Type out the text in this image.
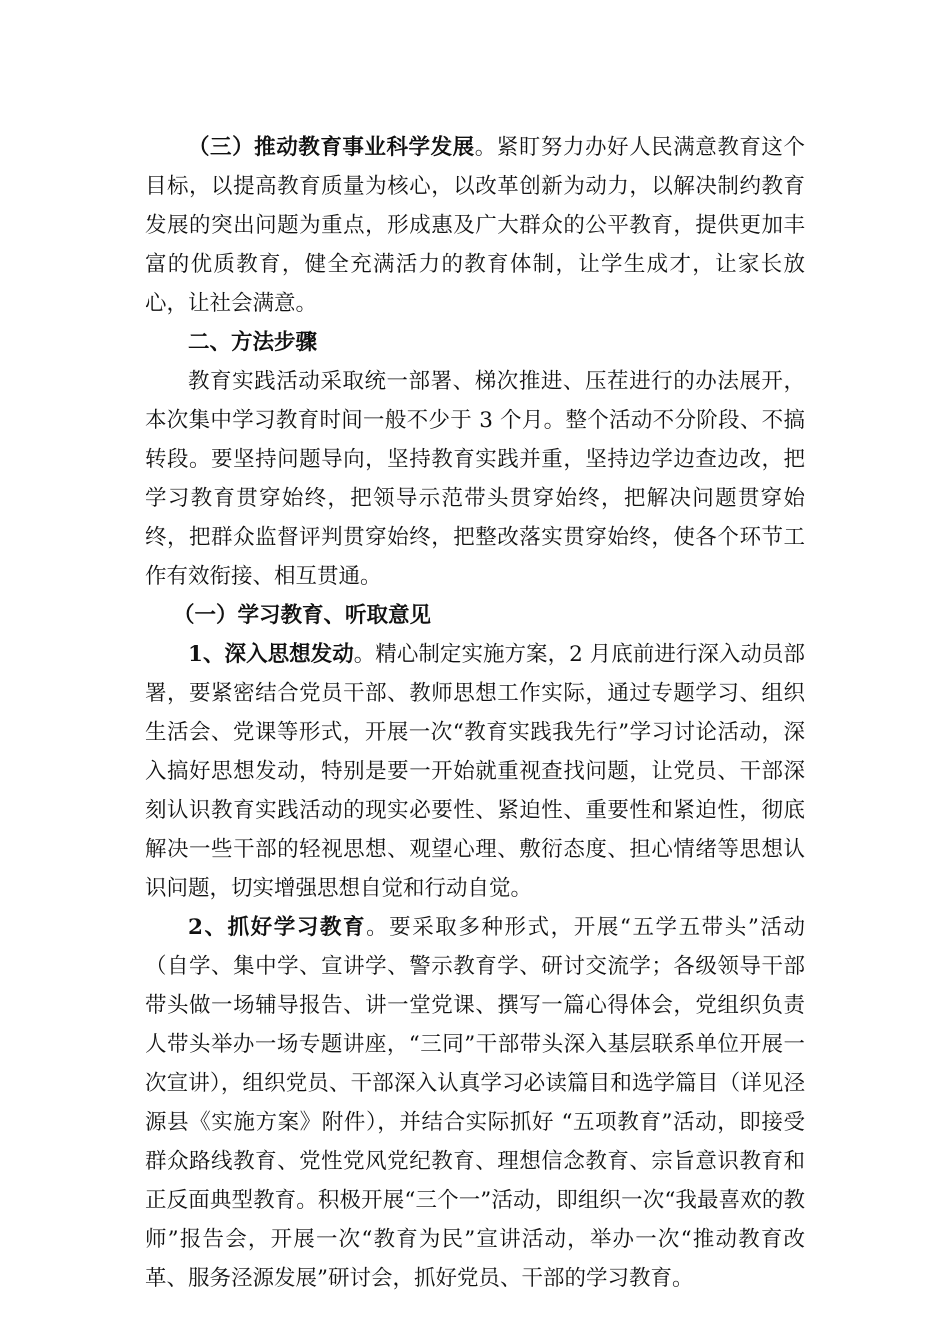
（三）推动教育事业科学发展。紧盯努力办好人民满意教育这个目标，以提高教育质量为核心，以改革创新为动力，以解决制约教育发展的突出问题为重点，形成惠及广大群众的公平教育，提供更加丰富的优质教育，健全充满活力的教育体制，让学生成才，让家长放心，让社会满意。

二、方法步骤

教育实践活动采取统一部署、梯次推进、压茬进行的办法展开，本次集中学习教育时间一般不少于 3 个月。整个活动不分阶段、不搞转段。要坚持问题导向，坚持教育实践并重，坚持边学边查边改，把学习教育贯穿始终，把领导示范带头贯穿始终，把解决问题贯穿始终，把群众监督评判贯穿始终，把整改落实贯穿始终，使各个环节工作有效衔接、相互贯通。

（一）学习教育、听取意见

1、深入思想发动。精心制定实施方案，2 月底前进行深入动员部署，要紧密结合党员干部、教师思想工作实际，通过专题学习、组织生活会、党课等形式，开展一次“教育实践我先行”学习讨论活动，深入搞好思想发动，特别是要一开始就重视查找问题，让党员、干部深刻认识教育实践活动的现实必要性、紧迫性、重要性和紧迫性，彻底解决一些干部的轻视思想、观望心理、敷衍态度、担心情绪等思想认识问题，切实增强思想自觉和行动自觉。

2、抓好学习教育。要采取多种形式，开展“五学五带头”活动（自学、集中学、宣讲学、警示教育学、研讨交流学；各级领导干部带头做一场辅导报告、讲一堂党课、撰写一篇心得体会，党组织负责人带头举办一场专题讲座，“三同”干部带头深入基层联系单位开展一次宣讲），组织党员、干部深入认真学习必读篇目和选学篇目（详见泾源县《实施方案》附件），并结合实际抓好 “五项教育”活动，即接受群众路线教育、党性党风党纪教育、理想信念教育、宗旨意识教育和正反面典型教育。积极开展“三个一”活动，即组织一次“我最喜欢的教师”报告会，开展一次“教育为民”宣讲活动，举办一次“推动教育改革、服务泾源发展”研讨会，抓好党员、干部的学习教育。
